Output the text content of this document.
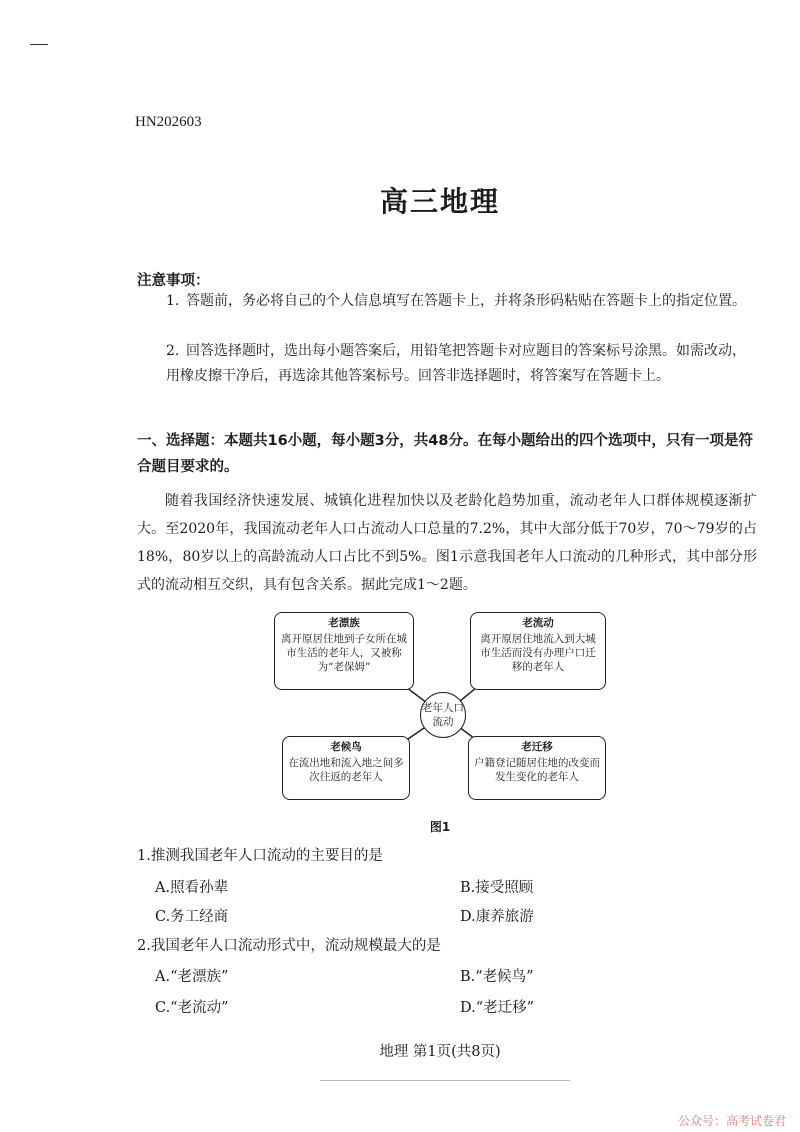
HN202603
高三地理
注意事项：
1. 答题前，务必将自己的个人信息填写在答题卡上，并将条形码粘贴在答题卡上的指定位置。
2. 回答选择题时，选出每小题答案后，用铅笔把答题卡对应题目的答案标号涂黑。如需改动，用橡皮擦干净后，再选涂其他答案标号。回答非选择题时，将答案写在答题卡上。
一、选择题：本题共16小题，每小题3分，共48分。在每小题给出的四个选项中，只有一项是符合题目要求的。
随着我国经济快速发展、城镇化进程加快以及老龄化趋势加重，流动老年人口群体规模逐渐扩大。至2020年，我国流动老年人口占流动人口总量的7.2%，其中大部分低于70岁，70～79岁的占18%，80岁以上的高龄流动人口占比不到5%。图1示意我国老年人口流动的几种形式，其中部分形式的流动相互交织，具有包含关系。据此完成1～2题。
老漂族
离开原居住地到子女所在城市生活的老年人，又被称为“老保姆”
老流动
离开原居住地流入到大城市生活而没有办理户口迁移的老年人
老候鸟
在流出地和流入地之间多次往返的老年人
老迁移
户籍登记随居住地的改变而发生变化的老年人
老年人口流动
图1
1.推测我国老年人口流动的主要目的是
A.照看孙辈	B.接受照顾
C.务工经商	D.康养旅游
2.我国老年人口流动形式中，流动规模最大的是
A.“老漂族”	B.“老候鸟”
C.“老流动”	D.“老迁移”
地理 第1页(共8页)
公众号：高考试卷君
